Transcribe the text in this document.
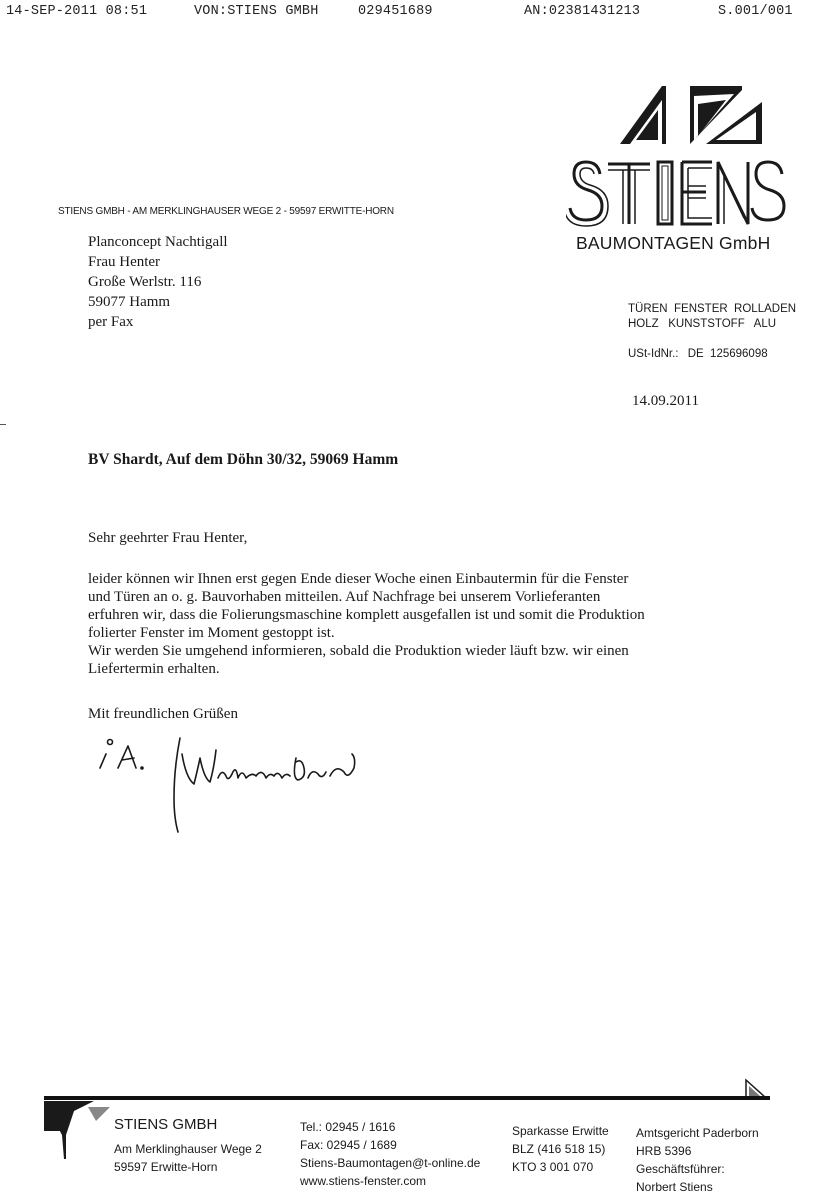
14-SEP-2011 08:51

	VON:STIENS GMBH

	029451689

	AN:02381431213

	S.001/001

BAUMONTAGEN GmbH
STIENS GMBH - AM MERKLINGHAUSER WEGE 2 - 59597 ERWITTE-HORN
Planconcept Nachtigall
Frau Henter
Große Werlstr. 116
59077 Hamm
per Fax
TÜREN  FENSTER  ROLLADEN
HOLZ   KUNSTSTOFF   ALU
USt-IdNr.: DE  125696098
14.09.2011
BV Shardt, Auf dem Döhn 30/32, 59069 Hamm
Sehr geehrter Frau Henter,
leider können wir Ihnen erst gegen Ende dieser Woche einen Einbautermin für die Fenster
und Türen an o. g. Bauvorhaben mitteilen. Auf Nachfrage bei unserem Vorlieferanten
erfuhren wir, dass die Folierungsmaschine komplett ausgefallen ist und somit die Produktion
folierter Fenster im Moment gestoppt ist.
Wir werden Sie umgehend informieren, sobald die Produktion wieder läuft bzw. wir einen
Liefertermin erhalten.
Mit freundlichen Grüßen
STIENS GMBH
Am Merklinghauser Wege 2
59597 Erwitte-Horn
Tel.: 02945 / 1616
Fax: 02945 / 1689
Stiens-Baumontagen@t-online.de
www.stiens-fenster.com
Sparkasse Erwitte
BLZ (416 518 15)
KTO 3 001 070
Amtsgericht Paderborn
HRB 5396
Geschäftsführer:
Norbert Stiens
